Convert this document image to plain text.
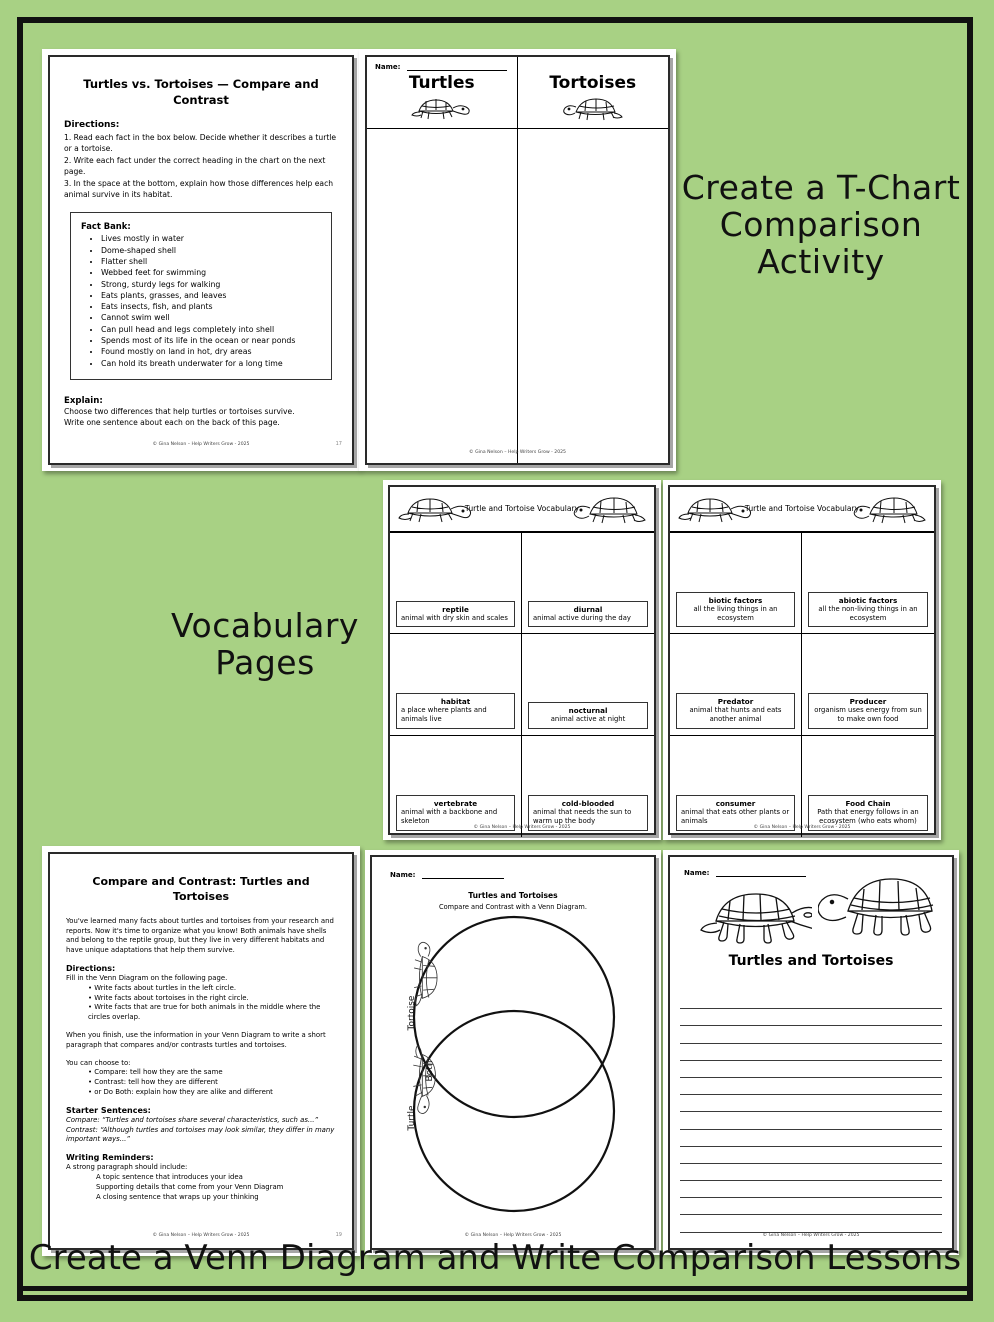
Turtles vs. Tortoises — Compare and Contrast
Directions:
1. Read each fact in the box below. Decide whether it describes a turtle or a tortoise.
2. Write each fact under the correct heading in the chart on the next page.
3. In the space at the bottom, explain how those differences help each animal survive in its habitat.
Fact Bank:
• Lives mostly in water
• Dome-shaped shell
• Flatter shell
• Webbed feet for swimming
• Strong, sturdy legs for walking
• Eats plants, grasses, and leaves
• Eats insects, fish, and plants
• Cannot swim well
• Can pull head and legs completely into shell
• Spends most of its life in the ocean or near ponds
• Found mostly on land in hot, dry areas
• Can hold its breath underwater for a long time
Explain:
Choose two differences that help turtles or tortoises survive.
Write one sentence about each on the back of this page.
© Gina Nelson – Help Writers Grow - 2025	17
Name:
Turtles	Tortoises
© Gina Nelson – Help Writers Grow - 2025
Create a T-Chart Comparison Activity
Vocabulary Pages
Turtle and Tortoise Vocabulary
reptile
animal with dry skin and scales
diurnal
animal active during the day
habitat
a place where plants and animals live
nocturnal
animal active at night
vertebrate
animal with a backbone and skeleton
cold-blooded
animal that needs the sun to warm up the body
© Gina Nelson – Help Writers Grow - 2025
Turtle and Tortoise Vocabulary
biotic factors
all the living things in an ecosystem
abiotic factors
all the non-living things in an ecosystem
Predator
animal that hunts and eats another animal
Producer
organism uses energy from sun to make own food
consumer
animal that eats other plants or animals
Food Chain
Path that energy follows in an ecosystem (who eats whom)
© Gina Nelson – Help Writers Grow - 2025
Compare and Contrast: Turtles and Tortoises
You've learned many facts about turtles and tortoises from your research and reports. Now it's time to organize what you know! Both animals have shells and belong to the reptile group, but they live in very different habitats and have unique adaptations that help them survive.
Directions:
Fill in the Venn Diagram on the following page.
• Write facts about turtles in the left circle.
• Write facts about tortoises in the right circle.
• Write facts that are true for both animals in the middle where the circles overlap.
When you finish, use the information in your Venn Diagram to write a short paragraph that compares and/or contrasts turtles and tortoises.
You can choose to:
• Compare: tell how they are the same
• Contrast: tell how they are different
• or Do Both: explain how they are alike and different
Starter Sentences:
Compare: “Turtles and tortoises share several characteristics, such as...”
Contrast: “Although turtles and tortoises may look similar, they differ in many important ways...”
Writing Reminders:
A strong paragraph should include:
A topic sentence that introduces your idea
Supporting details that come from your Venn Diagram
A closing sentence that wraps up your thinking
© Gina Nelson – Help Writers Grow - 2025	19
Name:
Turtles and Tortoises
Compare and Contrast with a Venn Diagram.
Tortoise
Both
Turtle
© Gina Nelson – Help Writers Grow - 2025
Name:
Turtles and Tortoises
© Gina Nelson – Help Writers Grow - 2025
Create a Venn Diagram and Write Comparison Lessons
